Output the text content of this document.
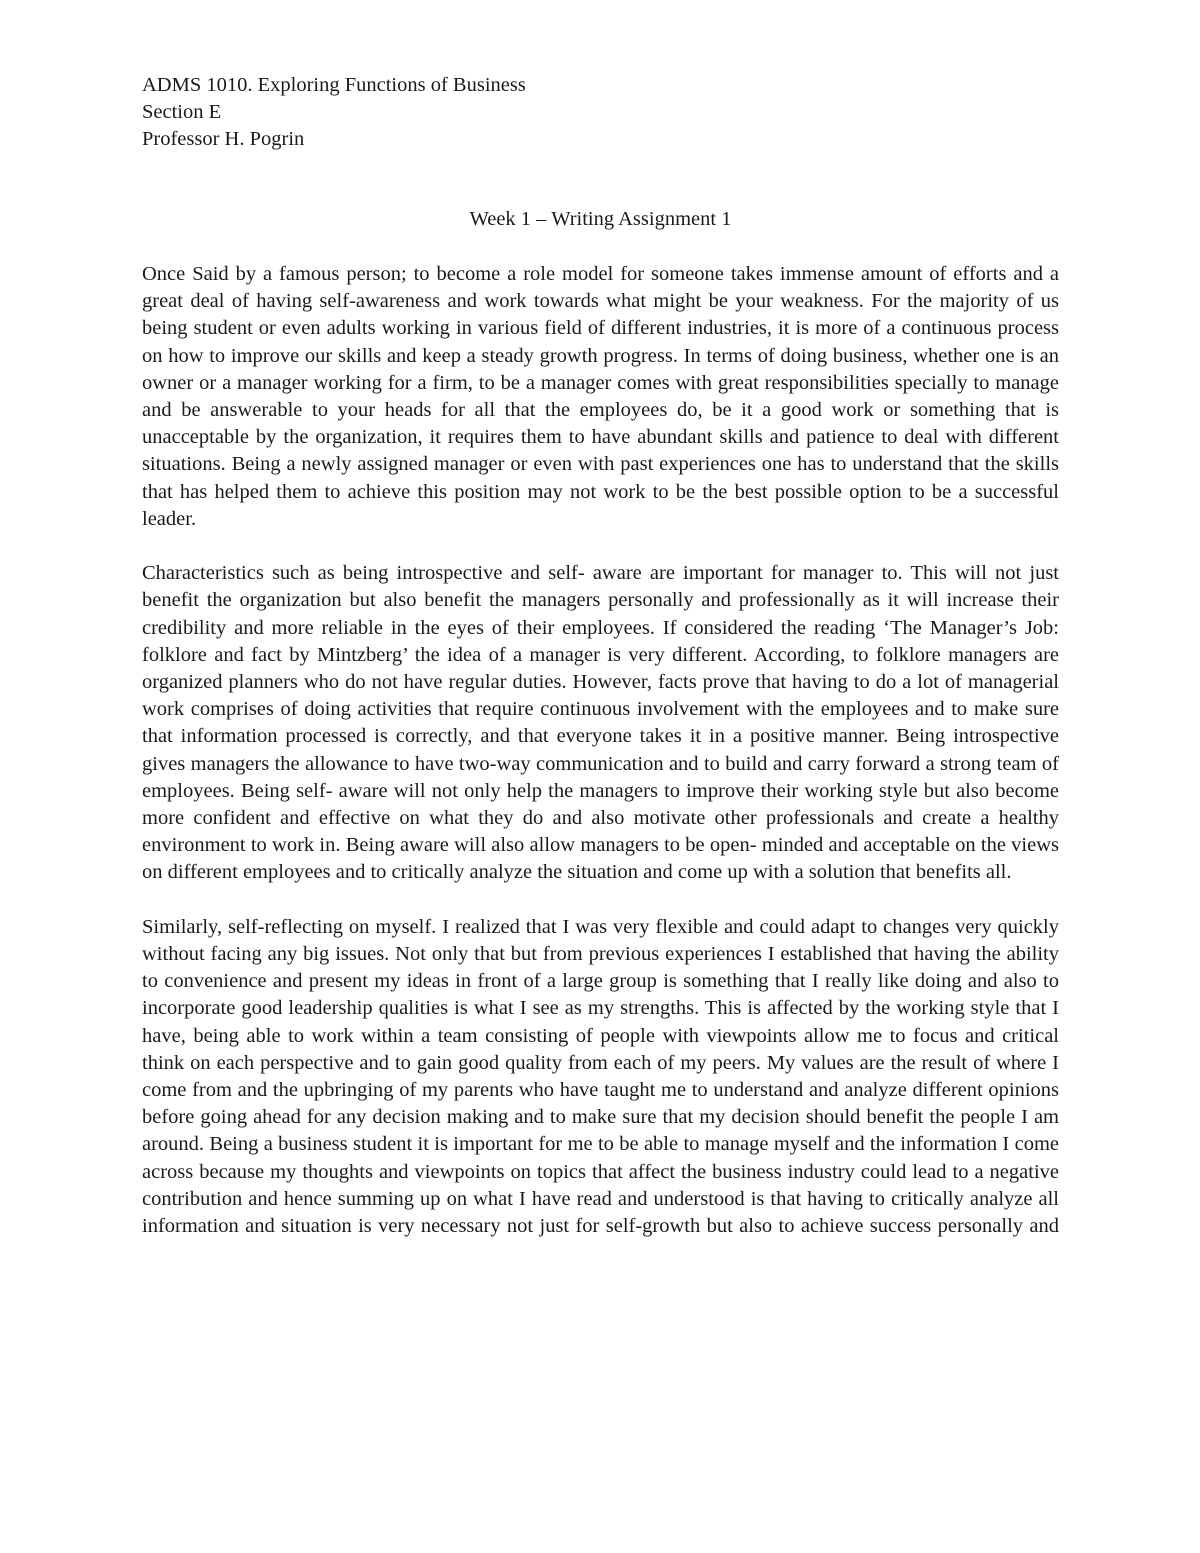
ADMS 1010. Exploring Functions of Business
Section E
Professor H. Pogrin
Week 1 – Writing Assignment 1

Once Said by a famous person; to become a role model for someone takes immense amount of efforts and a great deal of having self-awareness and work towards what might be your weakness. For the majority of us being student or even adults working in various field of different industries, it is more of a continuous process on how to improve our skills and keep a steady growth progress. In terms of doing business, whether one is an owner or a manager working for a firm, to be a manager comes with great responsibilities specially to manage and be answerable to your heads for all that the employees do, be it a good work or something that is unacceptable by the organization, it requires them to have abundant skills and patience to deal with different situations. Being a newly assigned manager or even with past experiences one has to understand that the skills that has helped them to achieve this position may not work to be the best possible option to be a successful leader.

Characteristics such as being introspective and self- aware are important for manager to. This will not just benefit the organization but also benefit the managers personally and professionally as it will increase their credibility and more reliable in the eyes of their employees. If considered the reading ‘The Manager’s Job: folklore and fact by Mintzberg’ the idea of a manager is very different. According, to folklore managers are organized planners who do not have regular duties. However, facts prove that having to do a lot of managerial work comprises of doing activities that require continuous involvement with the employees and to make sure that information processed is correctly, and that everyone takes it in a positive manner. Being introspective gives managers the allowance to have two-way communication and to build and carry forward a strong team of employees. Being self- aware will not only help the managers to improve their working style but also become more confident and effective on what they do and also motivate other professionals and create a healthy environment to work in. Being aware will also allow managers to be open- minded and acceptable on the views on different employees and to critically analyze the situation and come up with a solution that benefits all.

Similarly, self-reflecting on myself. I realized that I was very flexible and could adapt to changes very quickly without facing any big issues. Not only that but from previous experiences I established that having the ability to convenience and present my ideas in front of a large group is something that I really like doing and also to incorporate good leadership qualities is what I see as my strengths. This is affected by the working style that I have, being able to work within a team consisting of people with viewpoints allow me to focus and critical think on each perspective and to gain good quality from each of my peers. My values are the result of where I come from and the upbringing of my parents who have taught me to understand and analyze different opinions before going ahead for any decision making and to make sure that my decision should benefit the people I am around. Being a business student it is important for me to be able to manage myself and the information I come across because my thoughts and viewpoints on topics that affect the business industry could lead to a negative contribution and hence summing up on what I have read and understood is that having to critically analyze all information and situation is very necessary not just for self-growth but also to achieve success personally and
